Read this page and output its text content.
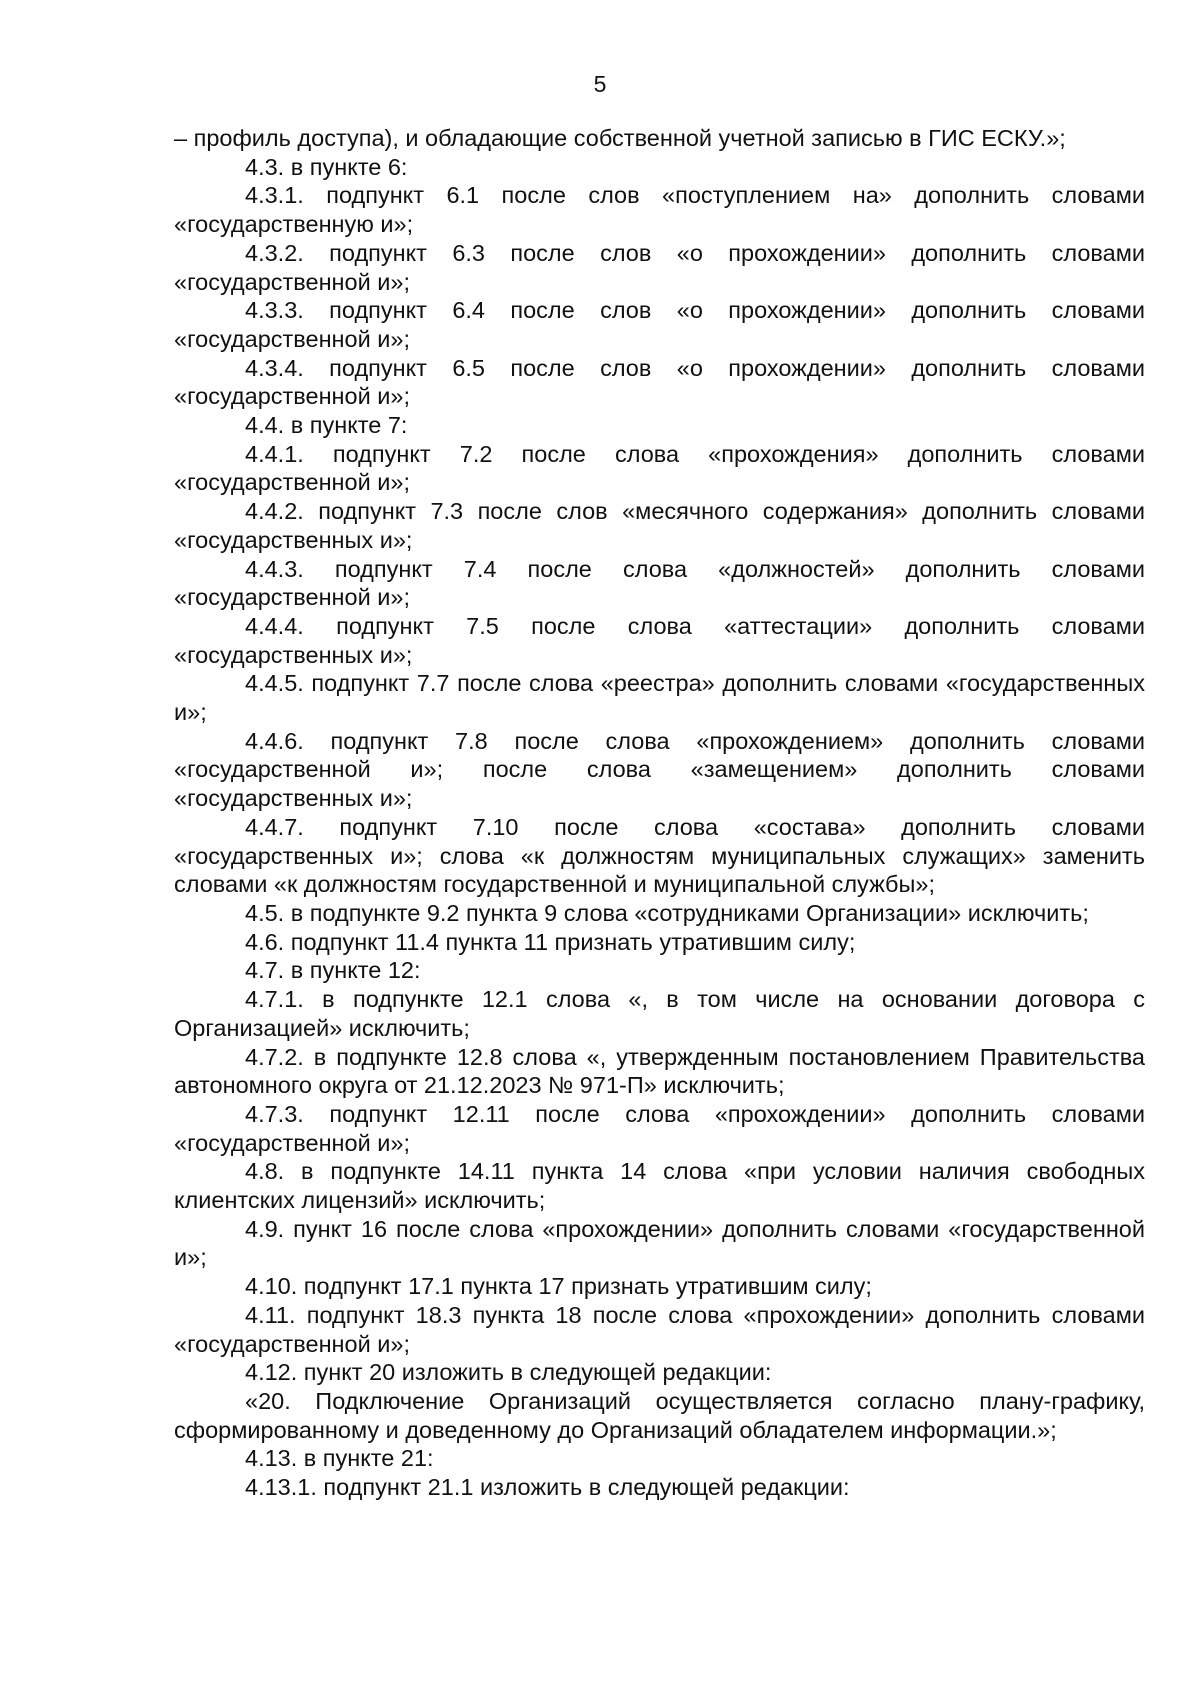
5

– профиль доступа), и обладающие собственной учетной записью в ГИС ЕСКУ.»;

4.3. в пункте 6:

4.3.1. подпункт 6.1 после слов «поступлением на» дополнить словами «государственную и»;

4.3.2. подпункт 6.3 после слов «о прохождении» дополнить словами «государственной и»;

4.3.3. подпункт 6.4 после слов «о прохождении» дополнить словами «государственной и»;

4.3.4. подпункт 6.5 после слов «о прохождении» дополнить словами «государственной и»;

4.4. в пункте 7:

4.4.1. подпункт 7.2 после слова «прохождения» дополнить словами «государственной и»;

4.4.2. подпункт 7.3 после слов «месячного содержания» дополнить словами «государственных и»;

4.4.3. подпункт 7.4 после слова «должностей» дополнить словами «государственной и»;

4.4.4. подпункт 7.5 после слова «аттестации» дополнить словами «государственных и»;

4.4.5. подпункт 7.7 после слова «реестра» дополнить словами «государственных и»;

4.4.6. подпункт 7.8 после слова «прохождением» дополнить словами «государственной и»; после слова «замещением» дополнить словами «государственных и»;

4.4.7. подпункт 7.10 после слова «состава» дополнить словами «государственных и»; слова «к должностям муниципальных служащих» заменить словами «к должностям государственной и муниципальной службы»;

4.5. в подпункте 9.2 пункта 9 слова «сотрудниками Организации» исключить;

4.6. подпункт 11.4 пункта 11 признать утратившим силу;

4.7. в пункте 12:

4.7.1. в подпункте 12.1 слова «, в том числе на основании договора с Организацией» исключить;

4.7.2. в подпункте 12.8 слова «, утвержденным постановлением Правительства автономного округа от 21.12.2023 № 971-П» исключить;

4.7.3. подпункт 12.11 после слова «прохождении» дополнить словами «государственной и»;

4.8. в подпункте 14.11 пункта 14 слова «при условии наличия свободных клиентских лицензий» исключить;

4.9. пункт 16 после слова «прохождении» дополнить словами «государственной и»;

4.10. подпункт 17.1 пункта 17 признать утратившим силу;

4.11. подпункт 18.3 пункта 18 после слова «прохождении» дополнить словами «государственной и»;

4.12. пункт 20 изложить в следующей редакции:

«20. Подключение Организаций осуществляется согласно плану-графику, сформированному и доведенному до Организаций обладателем информации.»;

4.13. в пункте 21:

4.13.1. подпункт 21.1 изложить в следующей редакции:
